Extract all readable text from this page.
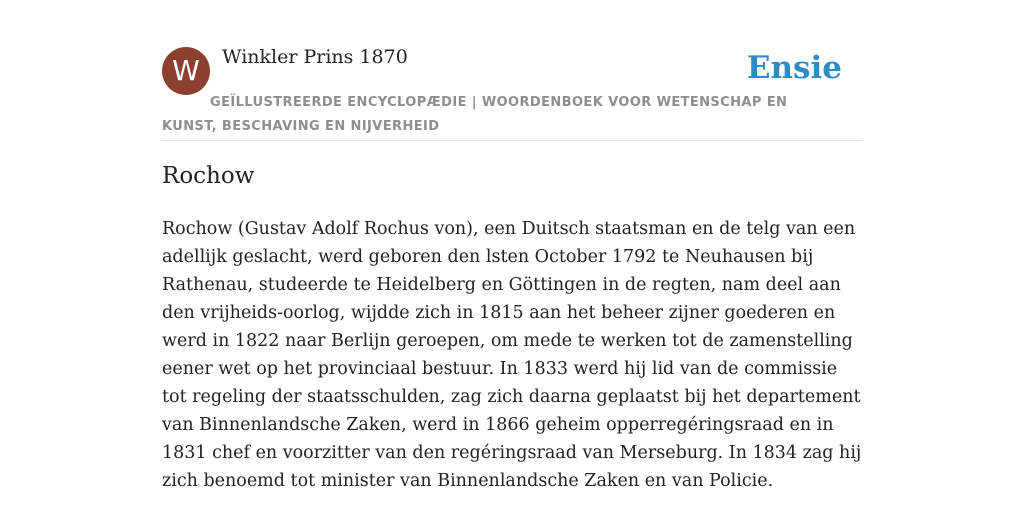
W	Winkler Prins 1870	Ensie
GEÏLLUSTREERDE ENCYCLOPÆDIE | WOORDENBOEK VOOR WETENSCHAP EN KUNST, BESCHAVING EN NIJVERHEID
Rochow

Rochow (Gustav Adolf Rochus von), een Duitsch staatsman en de telg van een adellijk geslacht, werd geboren den lsten October 1792 te Neuhausen bij Rathenau, studeerde te Heidelberg en Göttingen in de regten, nam deel aan den vrijheids-oorlog, wijdde zich in 1815 aan het beheer zijner goederen en werd in 1822 naar Berlijn geroepen, om mede te werken tot de zamenstelling eener wet op het provinciaal bestuur. In 1833 werd hij lid van de commissie tot regeling der staatsschulden, zag zich daarna geplaatst bij het departement van Binnenlandsche Zaken, werd in 1866 geheim opperregéringsraad en in 1831 chef en voorzitter van den regéringsraad van Merseburg. In 1834 zag hij zich benoemd tot minister van Binnenlandsche Zaken en van Policie.
